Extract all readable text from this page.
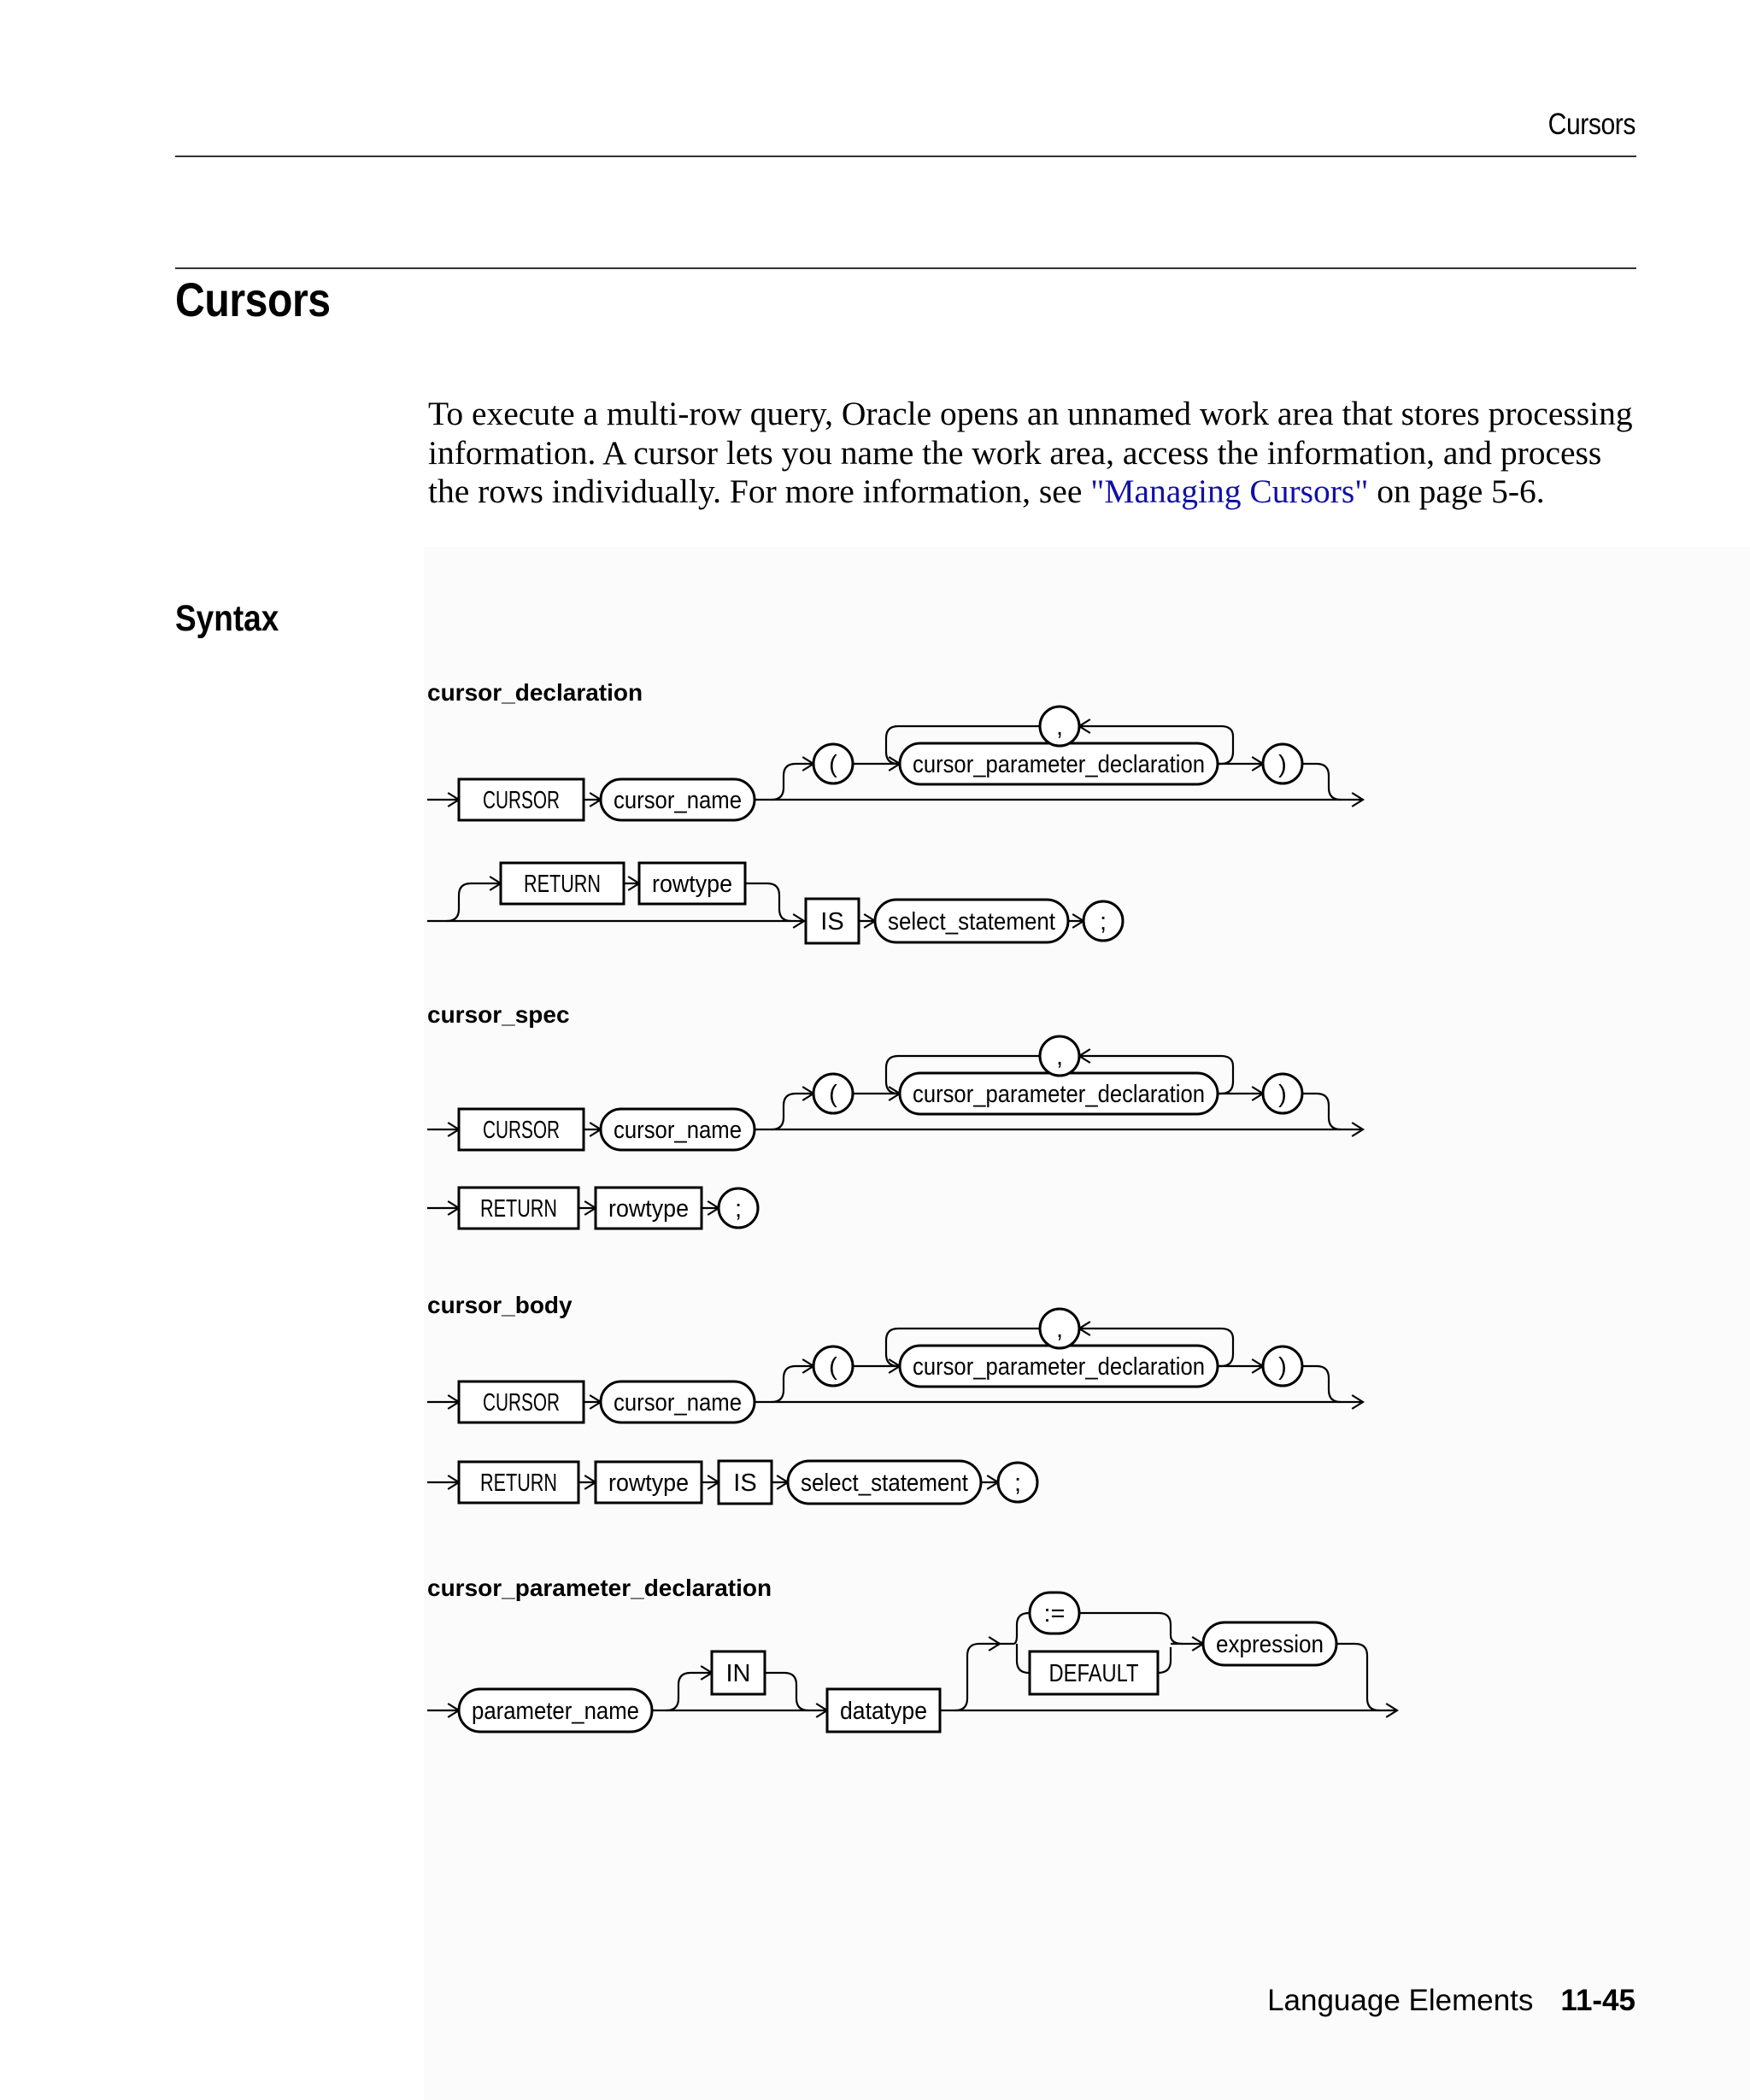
Cursors
Cursors
To execute a multi-row query, Oracle opens an unnamed work area that stores processing information. A cursor lets you name the work area, access the information, and process the rows individually. For more information, see "Managing Cursors" on page 5-6.
Syntax
cursor_declaration
CURSOR cursor_name
(	cursor_parameter_declaration	)
,
RETURN rowtype
IS select_statement ;
cursor_spec
CURSOR cursor_name
(	cursor_parameter_declaration	)
,
RETURN rowtype ;
cursor_body
CURSOR cursor_name
(	cursor_parameter_declaration	)
,
RETURN rowtype IS select_statement ;
cursor_parameter_declaration
parameter_name
IN
datatype
:=
DEFAULT
expression
Language Elements 11-45
